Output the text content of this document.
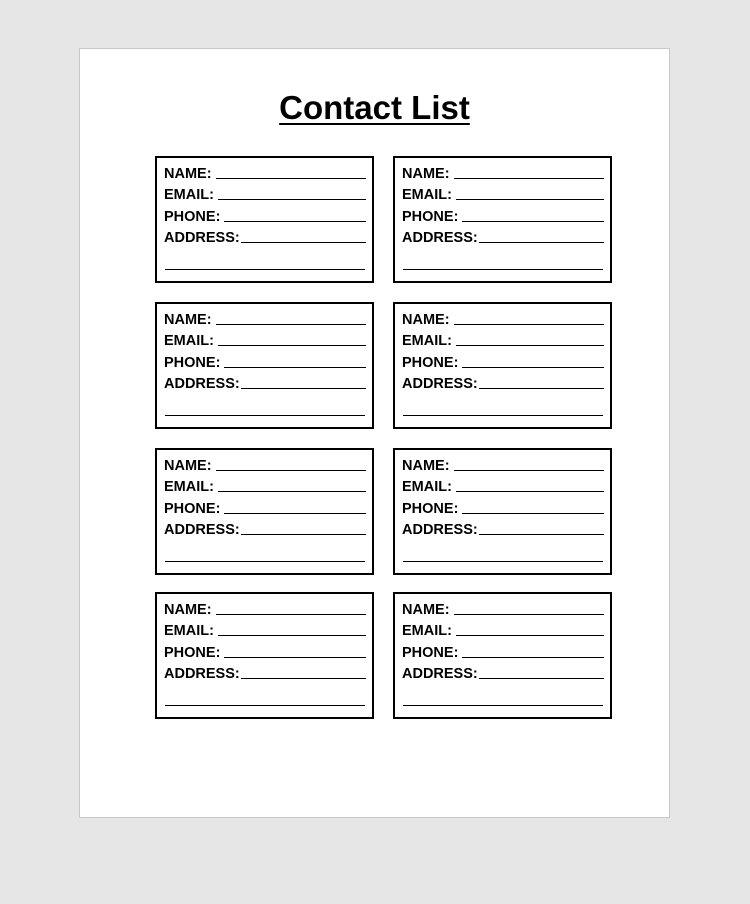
Contact List
NAME:
EMAIL:
PHONE:
ADDRESS:
NAME:
EMAIL:
PHONE:
ADDRESS:
NAME:
EMAIL:
PHONE:
ADDRESS:
NAME:
EMAIL:
PHONE:
ADDRESS:
NAME:
EMAIL:
PHONE:
ADDRESS:
NAME:
EMAIL:
PHONE:
ADDRESS:
NAME:
EMAIL:
PHONE:
ADDRESS:
NAME:
EMAIL:
PHONE:
ADDRESS:
